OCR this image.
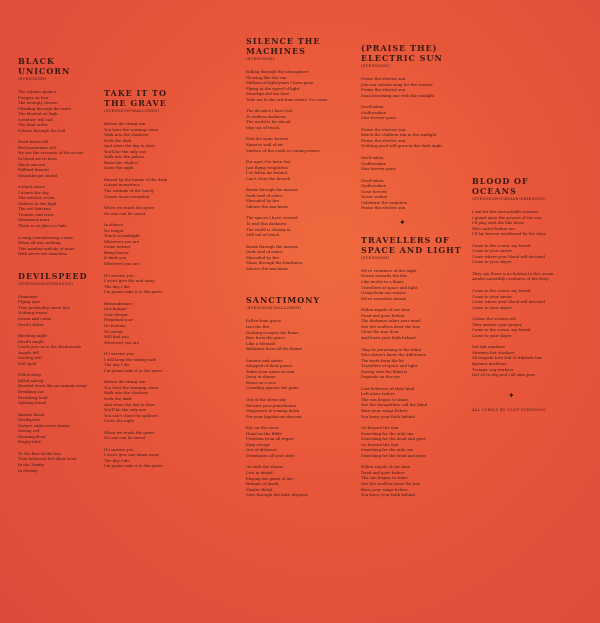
BLACK
UNICORN
(SVENSSON)
The solemn spoken
Prosper on fear
The wrongly chosen
Pleading through the tears
The bloated on high
Sentence will call
The fetal order
Echoes through the hall
Dead forest fall
Red mountains call
We are the servants of the secret
In blood we're born
Black unicorn
Pallbird funeral
Misanthropic burial
A black omen
Colours the sky
The witches coven
Gathers in the high
The evil thirteen
Treaties and cries
Mementos mori
There is no place to hide
A song remembering a time
When all was nothing
This number melody of mine
With never see nameless
DEVILSPEED
(SVENSSON/SVENSSON)
Demonize
Flying eyes
True profundity never lies
Nothing waves
Swear and curse
Devil's thirst
Bleeding night
Devil's might
Leads you on to the shadowside
Angels fell
Serving hell
Evil spell
Fallen deep
Killed asleep
Hooded down like an animal creep
Breaking out
Breathing loud
Spitting blood
Rushes blood
Devilspeed
Deeper sinks never sleeps
Seeing red
Running dead
Empty-bled
To the flow of the lost
True believers feel their trust
In the Trinity
In divinity
TAKE IT TO
THE GRAVE
(SVENSSON/WALLGREN)
Before the rising sun
You hear the warning come
Walk into the shadows
Seek the dark
And when the day is done
You'll be the only one
Walk into the palace
Raise the chalice
Seize the night
Raised by the hands of the dark
A dead monstrous
The solitude of the lonely
Comes as an exception
When we reach the grave
No one can be saved
In silence
No longer
Touch of midnight
Wherever you are
Come torture
Bring horror
It finds you
Wherever you are
If I survive you
I won't give the end away
The day I die
I'm gonna take it to the grave
Remembrance
Our hunger
Cuts deeper
Perpetual scar
No fortune
No savior
Will find you
Wherever you are
If I survive you
I will keep the ending safe
The day I die
I'm gonna take it to the grave
Before the rising sun
You hear the warning come
Walk into the shadows
Seek the dark
And when the day is done
You'll be the only one
You can't cheat the gallows
Cross the night
When we reach the grave
No one can be saved
If I survive you
I won't give one damn away
The day I die
I'm gonna take it to the grave
SILENCE THE
MACHINES
(SVENSSON)
Falling through the atmosphere
Glowing like the sun
Millions of light-years I have gone
Flying at the speed of light
Starships led me here
Take me to the orb from where I've come
The decades I have lost
To endless darkness
The world is far ahead
Way out of reach
Past the sonic barrier
Massive wall of air
Surface of the earth is coming nearer
For ages I've been lost
Just flying weightless
I've fallen far behind
Can't close the breach
Break through the masses
Dark trail of ashes
Shrouded by fire
Silence the machines
The spaces I have crossed
To end this darkness
The world is closing in
Still out of reach
Break through the masses
Dark trail of ashes
Shrouded by fire
Shine through the blackness
Silence the machines
SANCTIMONY
(SVENSSON/WALLGREN)
Fallen from grace
Into the fire
Nothing escapes the flame
Rise from the grave
Like a Messiah
Riddance from all the blame
Sinners and saints
Stripped of their power
Taken your name in vain
Deep in shame
Boast on a vice
Crawling against the grain
Out of the silent sky
Receive your punishment
Vengeance is coming down
For your lugubrious descent
Eye on the cross
Hand on the Bible
Freedom from all regret
Easy escape
Out of dishonor
Terminates all your debt
On with the shame
Live in denial
Playing the game of lies
Bringer of death
Master Belial
Sees through the false disguise
(PRAISE THE)
ELECTRIC SUN
(SVENSSON)
Praise the electric sun
Join our solemn song for the sunrise
Praise the electric sun
Soon becoming one with the sunlight
Devil-taken
Godforsaken
Star forever gone
Praise the electric sun
Watch the children run in the sunlight
Praise the electric sun
Nothing good will grow in the dark night
Devil-taken
Godforsaken
Star forever gone
Devil-taken
Godforsaken
Gone forever
Never woken
Celebrate the radiation
Praise the electric sun
✦
TRAVELLERS OF
SPACE AND LIGHT
(SVENSSON)
We're creatures of the night
Drawn towards the fire
Like moths to a flame
Travellers of space and light
Going from our senses
We're senseless insane
Fallen angels of our time
Dead and gone before
The darkness takes your mind
See the soulless draw the line
Close the iron door
And leave your faith behind
They're preaching to the blind
Who doesn't know the difference
The truth from the lie
Travellers of space and light
Seeing who the blind is
Depends on the eye
Lost believers of their kind
Left alone before
The sun begins to shine
See the thoughtless call the blind
Burn your wings before
You leave your faith behind
Go beyond the Sun
Searching for the only one
Searching for the dead and gone
Go beyond the Sun
Searching for the only one
Searching for the dead and gone
Fallen angels of our time
Dead and gone before
The sun begins to shine
See the soulless draw the line
Burn your wings before
You leave your faith behind
BLOOD OF
OCEANS
(SVENSSON/VIKMAN/ERIKSSON)
I sail for the unreachable horizon
I guard upon the powers of the sea
I'll play with life like those
Who sailed before me
I'll lay forever swallowed by the deep
Come to the ocean, my friend
Come to your savior
Come where your blood will descend
Come to your slayer
They say there is no bottom to this ocean
Awake unearthly creatures of the deep
Come to the ocean, my friend
Come to your savior
Come where your blood will descend
Come to your slayer
Colour the oceans red
They answer your prayer
Come to the ocean, my friend
Come to your slayer
Det bär mackare
Stormen bär starkare
Så tragiskt bröt frid öl frikände har
Kjenner kvaltrare
Trenger seg sterkare
Det vil ta deg ned i all sine grav
✦
ALL LYRICS BY OLOF SVENSSON
